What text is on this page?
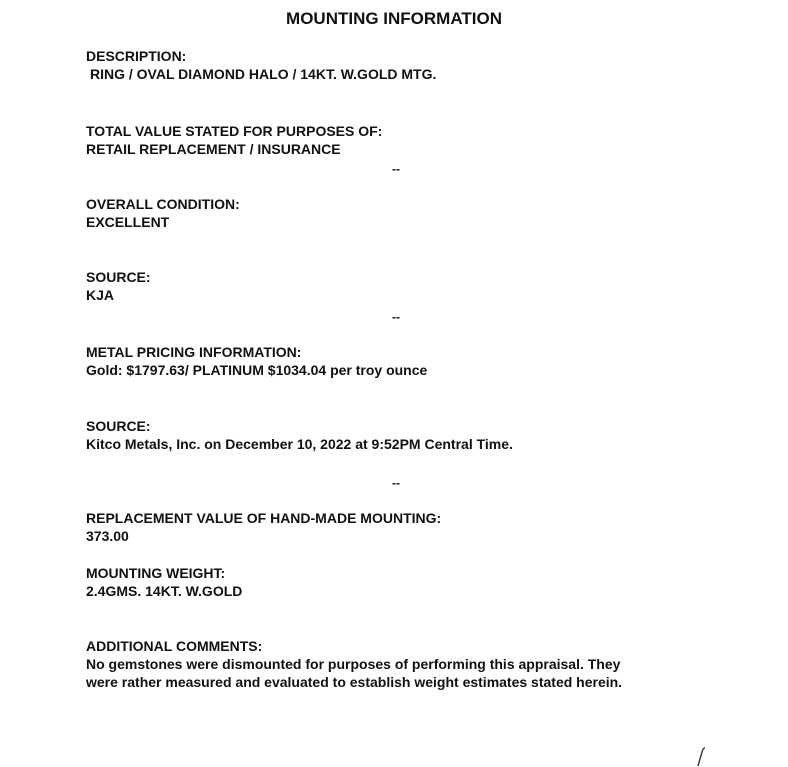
MOUNTING INFORMATION
DESCRIPTION:
RING / OVAL DIAMOND HALO / 14KT. W.GOLD MTG.
TOTAL VALUE STATED FOR PURPOSES OF:
RETAIL REPLACEMENT / INSURANCE
--
OVERALL CONDITION:
EXCELLENT
SOURCE:
KJA
--
METAL PRICING INFORMATION:
Gold: $1797.63/ PLATINUM $1034.04 per troy ounce
SOURCE:
Kitco Metals, Inc. on December 10, 2022 at 9:52PM Central Time.
--
REPLACEMENT VALUE OF HAND-MADE MOUNTING:
373.00
MOUNTING WEIGHT:
2.4GMS. 14KT. W.GOLD
ADDITIONAL COMMENTS:
No gemstones were dismounted for purposes of performing this appraisal. They
were rather measured and evaluated to establish weight estimates stated herein.
